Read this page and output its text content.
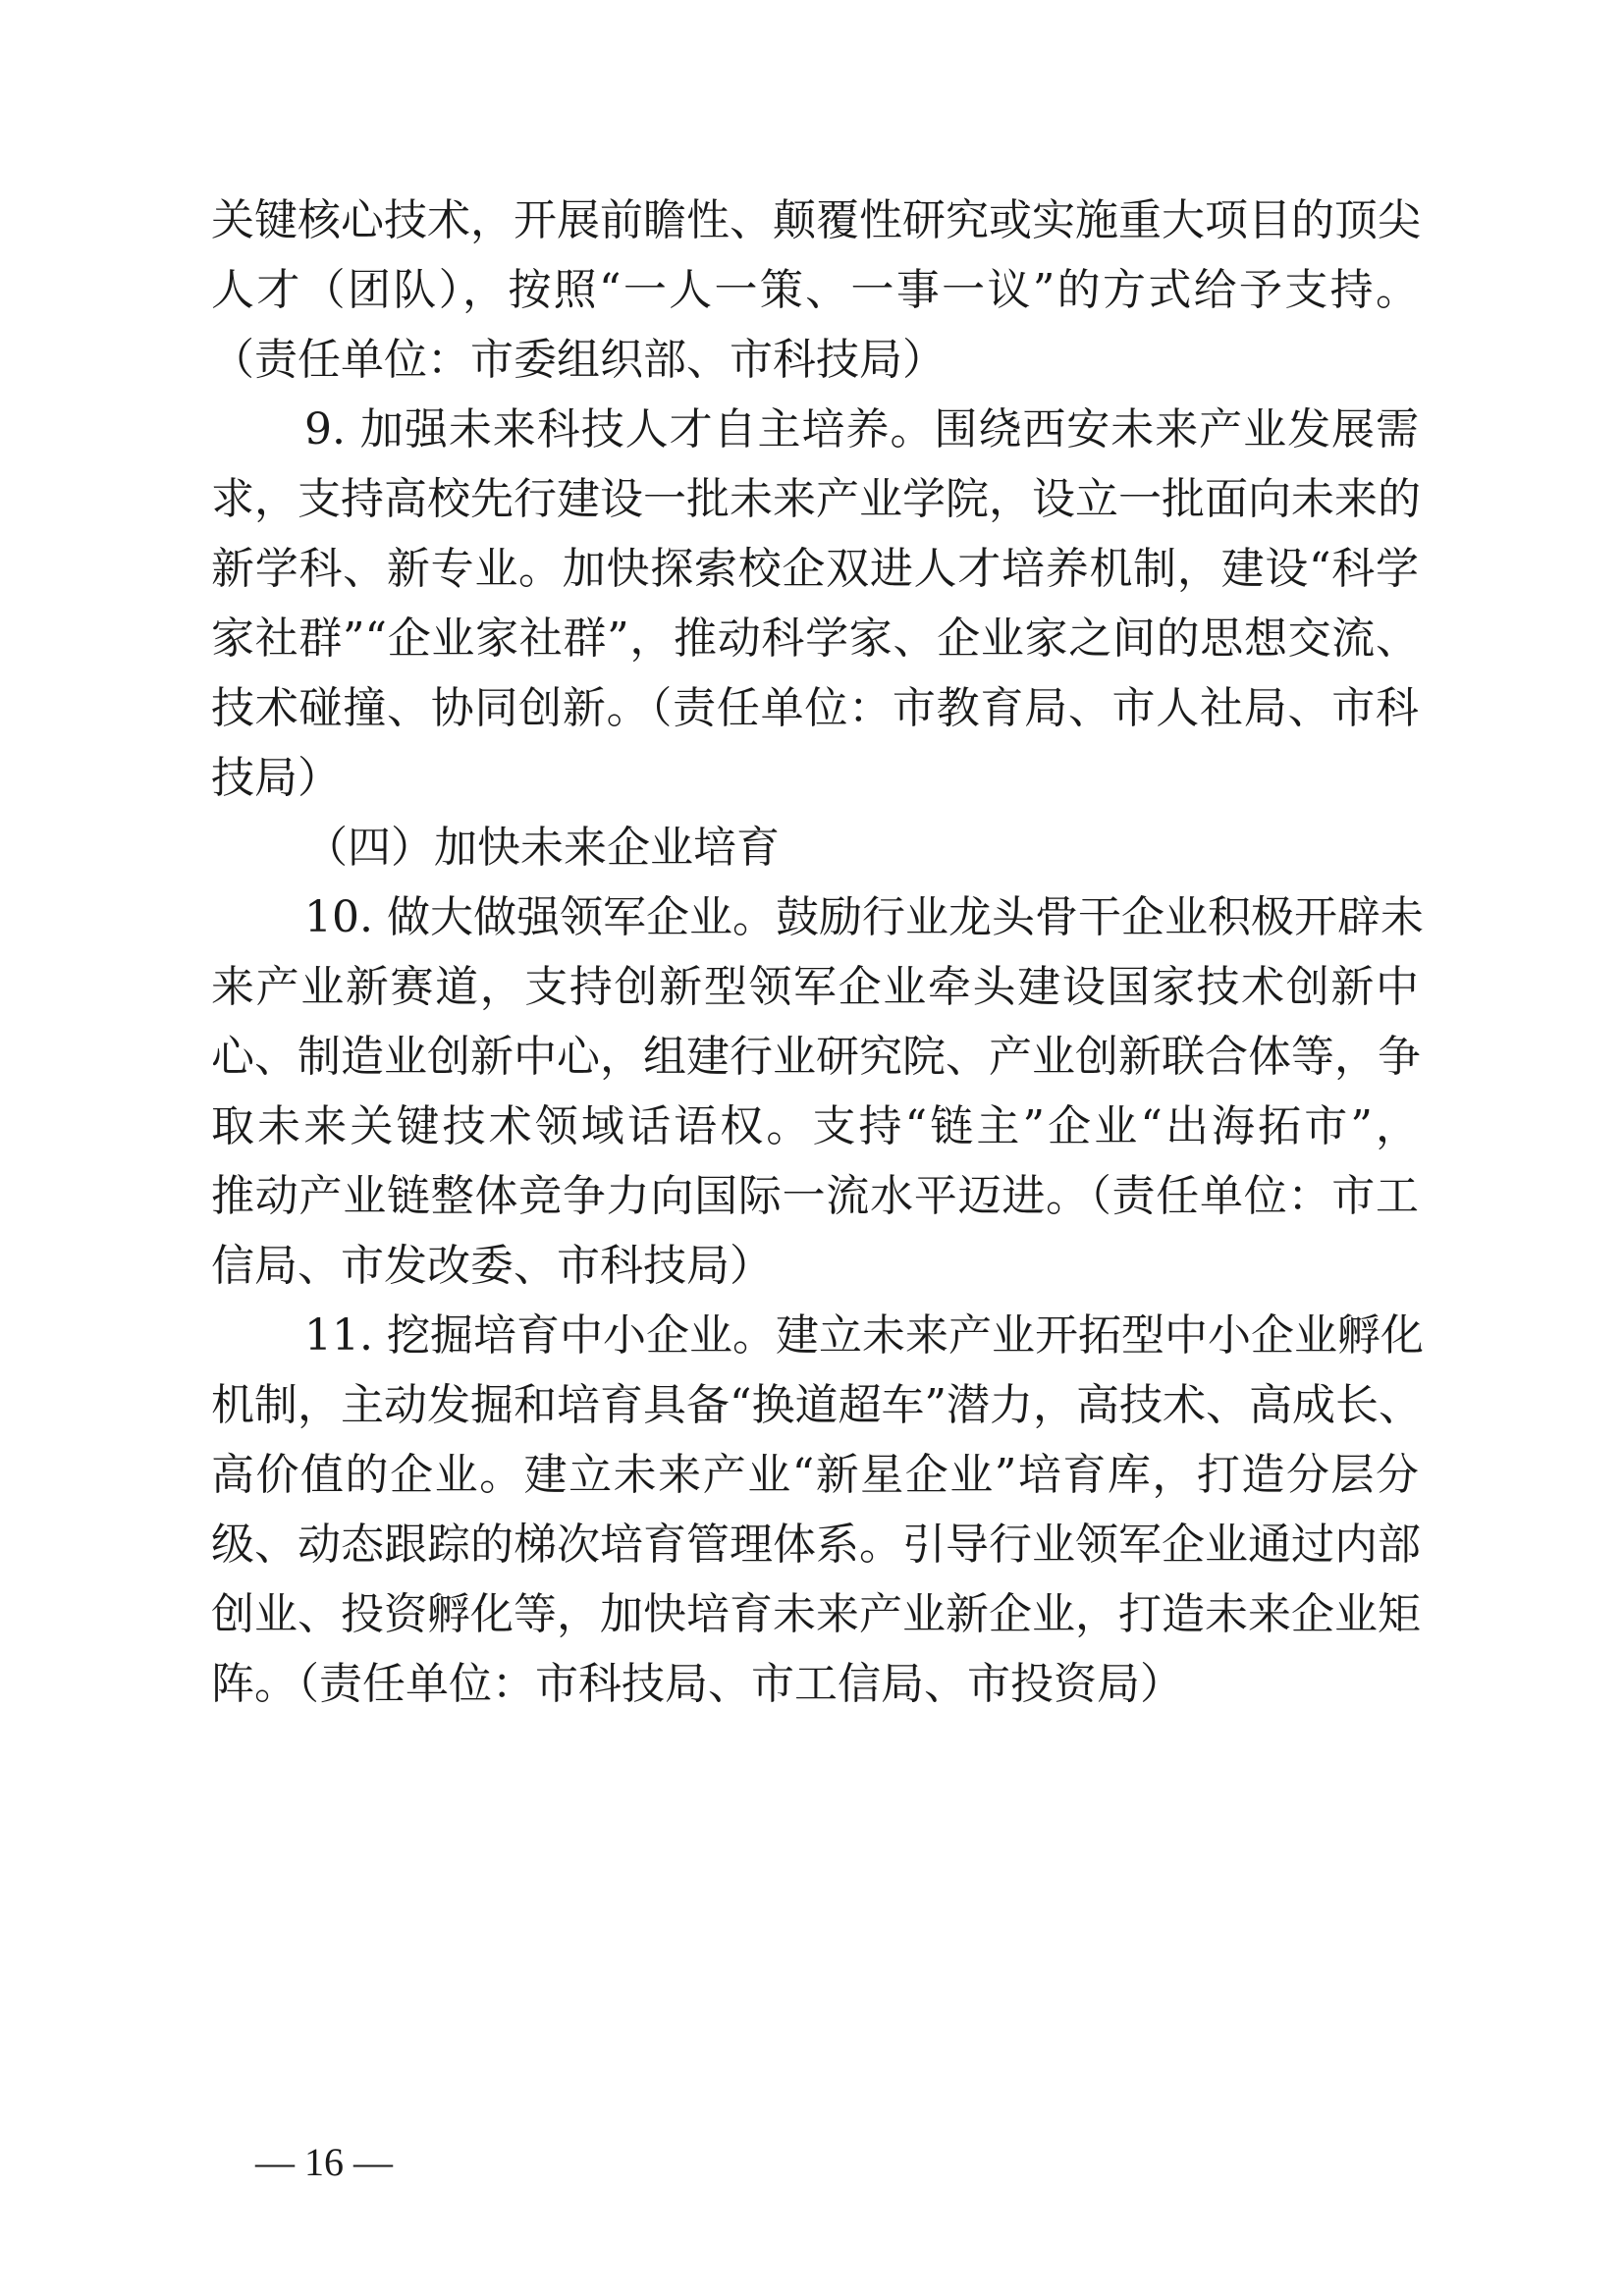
关键核心技术，开展前瞻性、颠覆性研究或实施重大项目的顶尖
人才（团队），按照“一人一策、一事一议”的方式给予支持。
（责任单位：市委组织部、市科技局）
9. 加强未来科技人才自主培养。围绕西安未来产业发展需
求，支持高校先行建设一批未来产业学院，设立一批面向未来的
新学科、新专业。加快探索校企双进人才培养机制，建设“科学
家社群”“企业家社群”，推动科学家、企业家之间的思想交流、
技术碰撞、协同创新。（责任单位：市教育局、市人社局、市科
技局）
（四）加快未来企业培育
10. 做大做强领军企业。鼓励行业龙头骨干企业积极开辟未
来产业新赛道，支持创新型领军企业牵头建设国家技术创新中
心、制造业创新中心，组建行业研究院、产业创新联合体等，争
取未来关键技术领域话语权。支持“链主”企业“出海拓市”，
推动产业链整体竞争力向国际一流水平迈进。（责任单位：市工
信局、市发改委、市科技局）
11. 挖掘培育中小企业。建立未来产业开拓型中小企业孵化
机制，主动发掘和培育具备“换道超车”潜力，高技术、高成长、
高价值的企业。建立未来产业“新星企业”培育库，打造分层分
级、动态跟踪的梯次培育管理体系。引导行业领军企业通过内部
创业、投资孵化等，加快培育未来产业新企业，打造未来企业矩
阵。（责任单位：市科技局、市工信局、市投资局）
— 16 —
